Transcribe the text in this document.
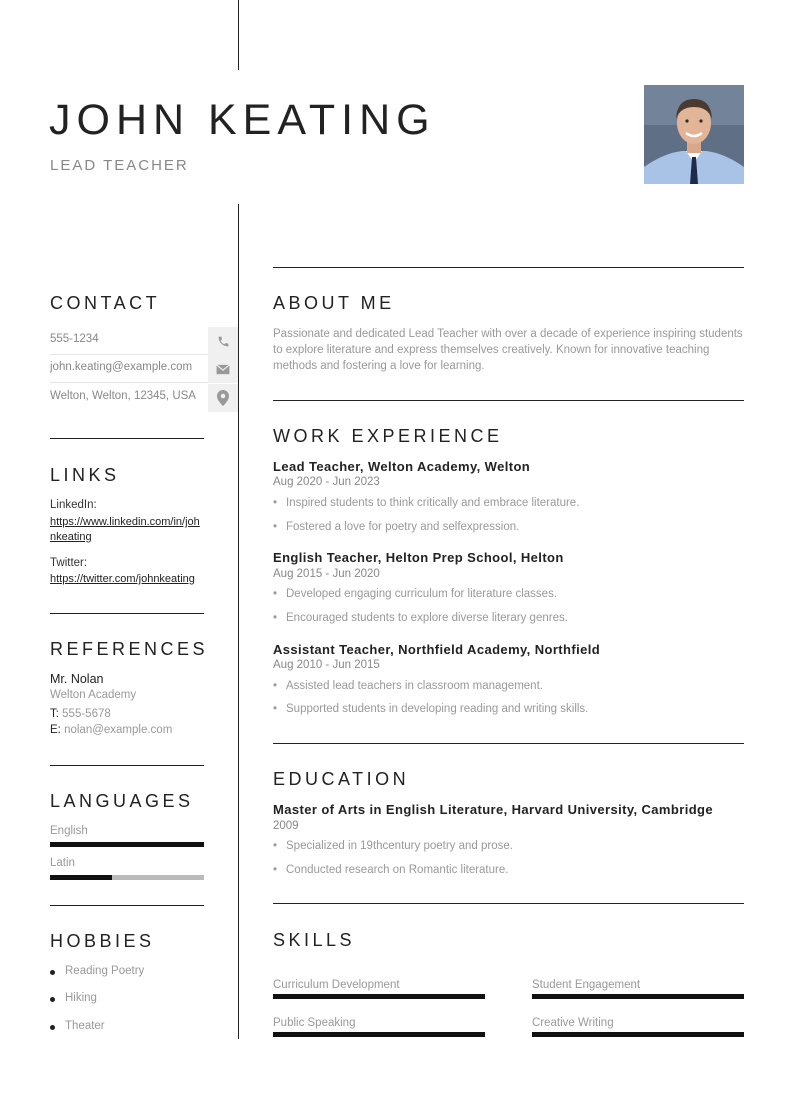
JOHN KEATING
LEAD TEACHER
CONTACT
555-1234
john.keating@example.com
Welton, Welton, 12345, USA
LINKS
LinkedIn:
https://www.linkedin.com/in/johnkeating
Twitter:
https://twitter.com/johnkeating
REFERENCES
Mr. Nolan
Welton Academy
T: 555-5678
E: nolan@example.com
LANGUAGES
English
Latin
HOBBIES
Reading Poetry
Hiking
Theater
ABOUT ME
Passionate and dedicated Lead Teacher with over a decade of experience inspiring students to explore literature and express themselves creatively. Known for innovative teaching methods and fostering a love for learning.
WORK EXPERIENCE
Lead Teacher, Welton Academy, Welton
Aug 2020 - Jun 2023
• Inspired students to think critically and embrace literature.
• Fostered a love for poetry and selfexpression.
English Teacher, Helton Prep School, Helton
Aug 2015 - Jun 2020
• Developed engaging curriculum for literature classes.
• Encouraged students to explore diverse literary genres.
Assistant Teacher, Northfield Academy, Northfield
Aug 2010 - Jun 2015
• Assisted lead teachers in classroom management.
• Supported students in developing reading and writing skills.
EDUCATION
Master of Arts in English Literature, Harvard University, Cambridge
2009
• Specialized in 19thcentury poetry and prose.
• Conducted research on Romantic literature.
SKILLS
Curriculum Development	Student Engagement
Public Speaking	Creative Writing
